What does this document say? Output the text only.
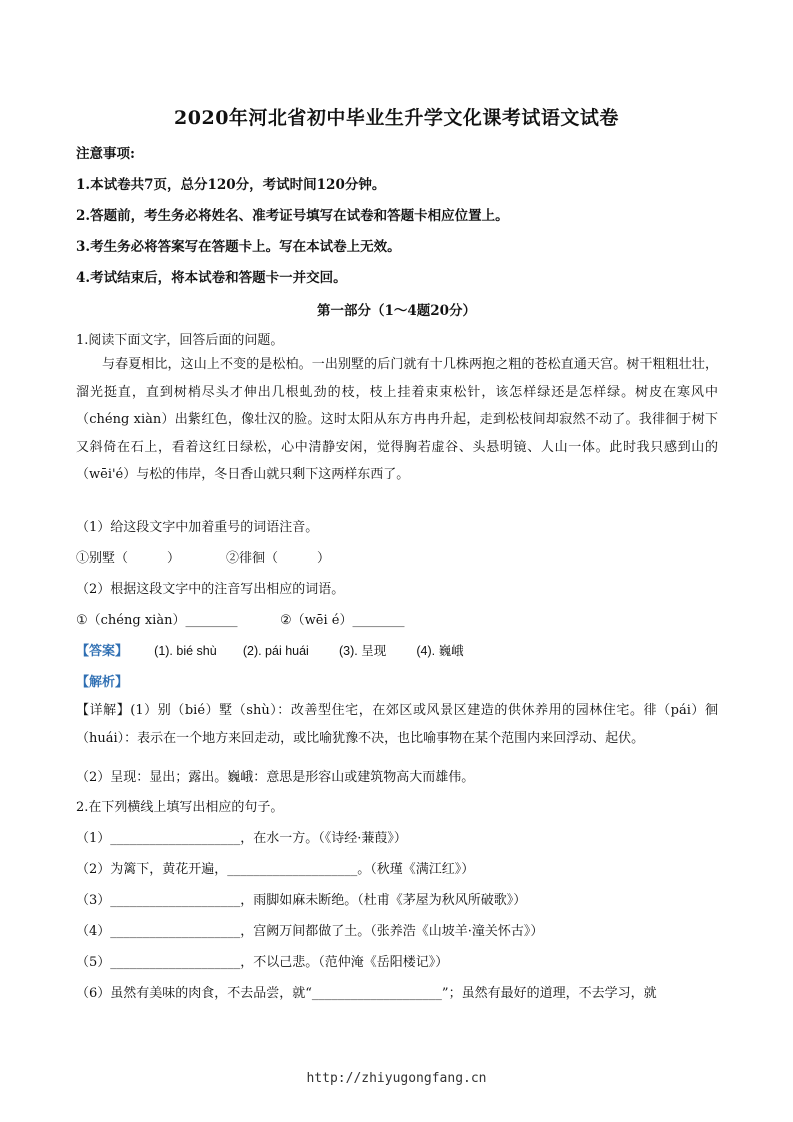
2020年河北省初中毕业生升学文化课考试语文试卷
注意事项:
1.本试卷共7页，总分120分，考试时间120分钟。
2.答题前，考生务必将姓名、准考证号填写在试卷和答题卡相应位置上。
3.考生务必将答案写在答题卡上。写在本试卷上无效。
4.考试结束后，将本试卷和答题卡一并交回。
第一部分（1～4题20分）
1.阅读下面文字，回答后面的问题。

与春夏相比，这山上不变的是松柏。一出别墅的后门就有十几株两抱之粗的苍松直通天宫。树干粗粗壮壮，溜光挺直，直到树梢尽头才伸出几根虬劲的枝，枝上挂着束束松针，该怎样绿还是怎样绿。树皮在寒风中（chéng xiàn）出紫红色，像壮汉的脸。这时太阳从东方冉冉升起，走到松枝间却寂然不动了。我徘徊于树下又斜倚在石上，看着这红日绿松，心中清静安闲，觉得胸若虚谷、头悬明镜、人山一体。此时我只感到山的（wēi'é）与松的伟岸，冬日香山就只剩下这两样东西了。

（1）给这段文字中加着重号的词语注音。
①别墅（　　　）	②徘徊（　　　）
（2）根据这段文字中的注音写出相应的词语。
①（chéng xiàn）________	②（wēi é）________
【答案】 (1). bié shù (2). pái huái (3). 呈现 (4). 巍峨
【解析】
【详解】(1）别（bié）墅（shù）：改善型住宅，在郊区或风景区建造的供休养用的园林住宅。徘（pái）徊（huái）：表示在一个地方来回走动，或比喻犹豫不决，也比喻事物在某个范围内来回浮动、起伏。
（2）呈现：显出；露出。巍峨：意思是形容山或建筑物高大而雄伟。
2.在下列横线上填写出相应的句子。
（1）____________________，在水一方。（《诗经·蒹葭》）
（2）为篱下，黄花开遍，____________________。（秋瑾《满江红》）
（3）____________________，雨脚如麻未断绝。（杜甫《茅屋为秋风所破歌》）
（4）____________________，宫阙万间都做了土。（张养浩《山坡羊·潼关怀古》）
（5）____________________，不以己悲。（范仲淹《岳阳楼记》）
（6）虽然有美味的肉食，不去品尝，就“____________________”；虽然有最好的道理，不去学习，就
http://zhiyugongfang.cn
